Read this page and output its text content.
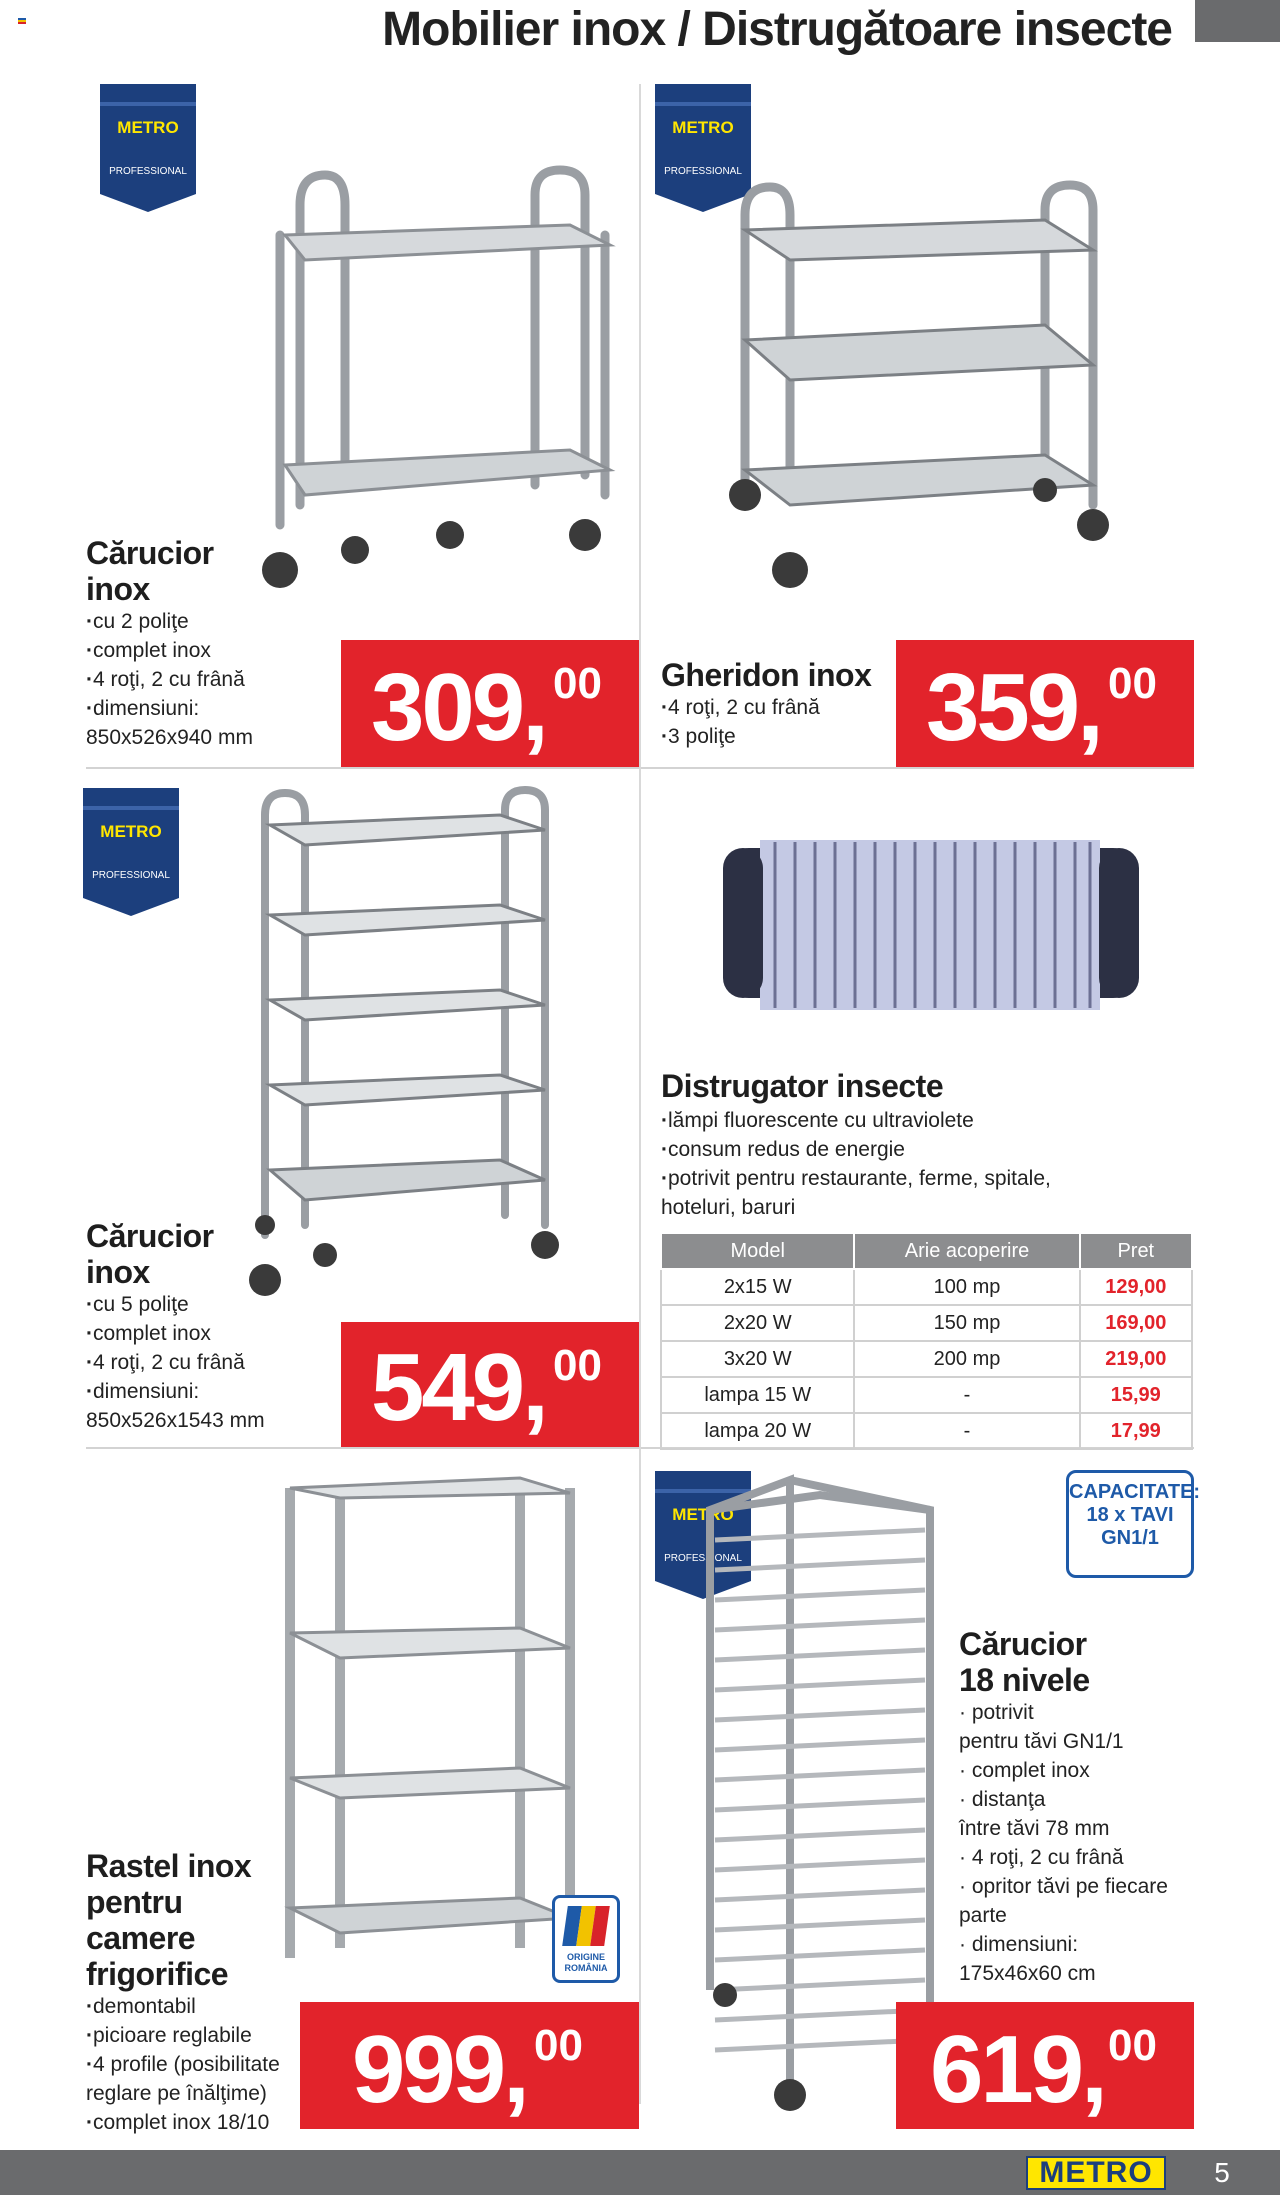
Mobilier inox / Distrugătoare insecte
METRO
PROFESSIONAL
METRO
PROFESSIONAL
METRO
PROFESSIONAL
METRO
PROFESSIONAL
Cărucior
inox
· cu 2 poliţe
· complet inox
· 4 roţi, 2 cu frână
· dimensiuni:
850x526x940 mm 309, 00 Gheridon inox
· 4 roţi, 2 cu frână
· 3 poliţe	359, 00
Cărucior
inox
· cu 5 poliţe
· complet inox
· 4 roţi, 2 cu frână
· dimensiuni:
850x526x1543 mm 549, 00
Distrugator insecte
· lămpi fluorescente cu ultraviolete
· consum redus de energie
· potrivit pentru restaurante, ferme, spitale,
hoteluri, baruri
Model	Arie acoperire	Pret
2x15 W	100 mp	129,00
2x20 W	150 mp	169,00
3x20 W	200 mp	219,00
lampa 15 W	-	15,99
lampa 20 W	-	17,99
Rastel inox
pentru
camere
frigorifice
· demontabil
· picioare reglabile
· 4 profile (posibilitate
reglare pe înălţime)
· complet inox 18/10
ORIGINE
ROMÂNIA
999, 00
CAPACITATE:
18 x TAVI
GN1/1
Cărucior
18 nivele
· potrivit
pentru tăvi GN1/1
· complet inox
· distanţa
între tăvi 78 mm
· 4 roţi, 2 cu frână
· opritor tăvi pe fiecare
parte
· dimensiuni:
175x46x60 cm
619, 00
METRO	5
